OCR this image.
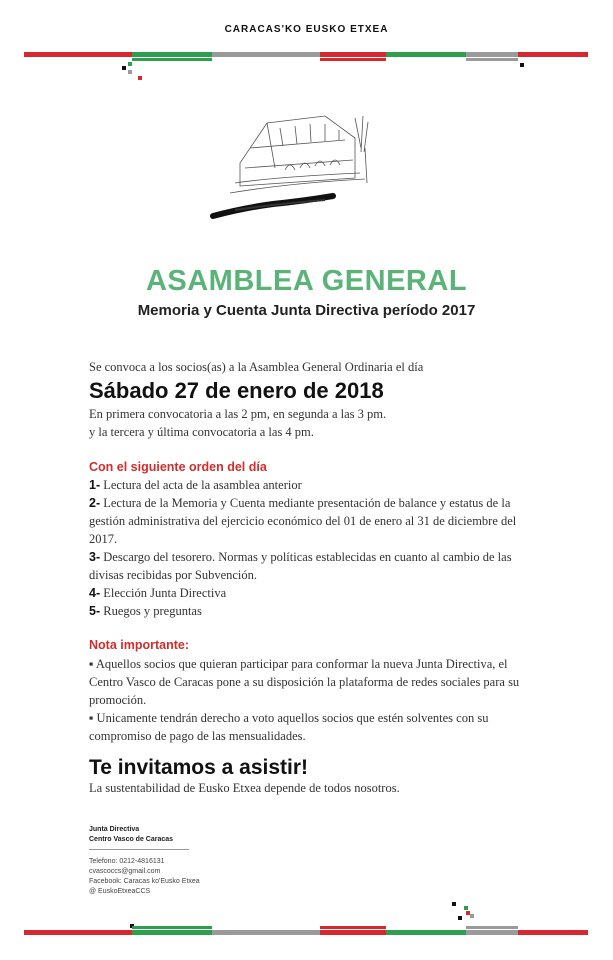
CARACAS'KO EUSKO ETXEA
ASAMBLEA GENERAL
Memoria y Cuenta Junta Directiva período 2017
Se convoca a los socios(as) a la Asamblea General Ordinaria el día
Sábado 27 de enero de 2018
En primera convocatoria a las 2 pm, en segunda a las 3 pm.
y la tercera y última convocatoria a las 4 pm.
Con el siguiente orden del día
1- Lectura del acta de la asamblea anterior
2- Lectura de la Memoria y Cuenta mediante presentación de balance y estatus de la gestión administrativa del ejercicio económico del 01 de enero al 31 de diciembre del 2017.
3- Descargo del tesorero. Normas y políticas establecidas en cuanto al cambio de las divisas recibidas por Subvención.
4- Elección Junta Directiva
5- Ruegos y preguntas
Nota importante:
▪ Aquellos socios que quieran participar para conformar la nueva Junta Directiva, el Centro Vasco de Caracas pone a su disposición la plataforma de redes sociales para su promoción.
▪ Unicamente tendrán derecho a voto aquellos socios que estén solventes con su compromiso de pago de las mensualidades.
Te invitamos a asistir!
La sustentabilidad de Eusko Etxea depende de todos nosotros.
Junta Directiva
Centro Vasco de Caracas
Telefono: 0212-4816131
cvascoccs@gmail.com
Facebook: Caracas ko'Eusko Etxea
@ EuskoEtxeaCCS
